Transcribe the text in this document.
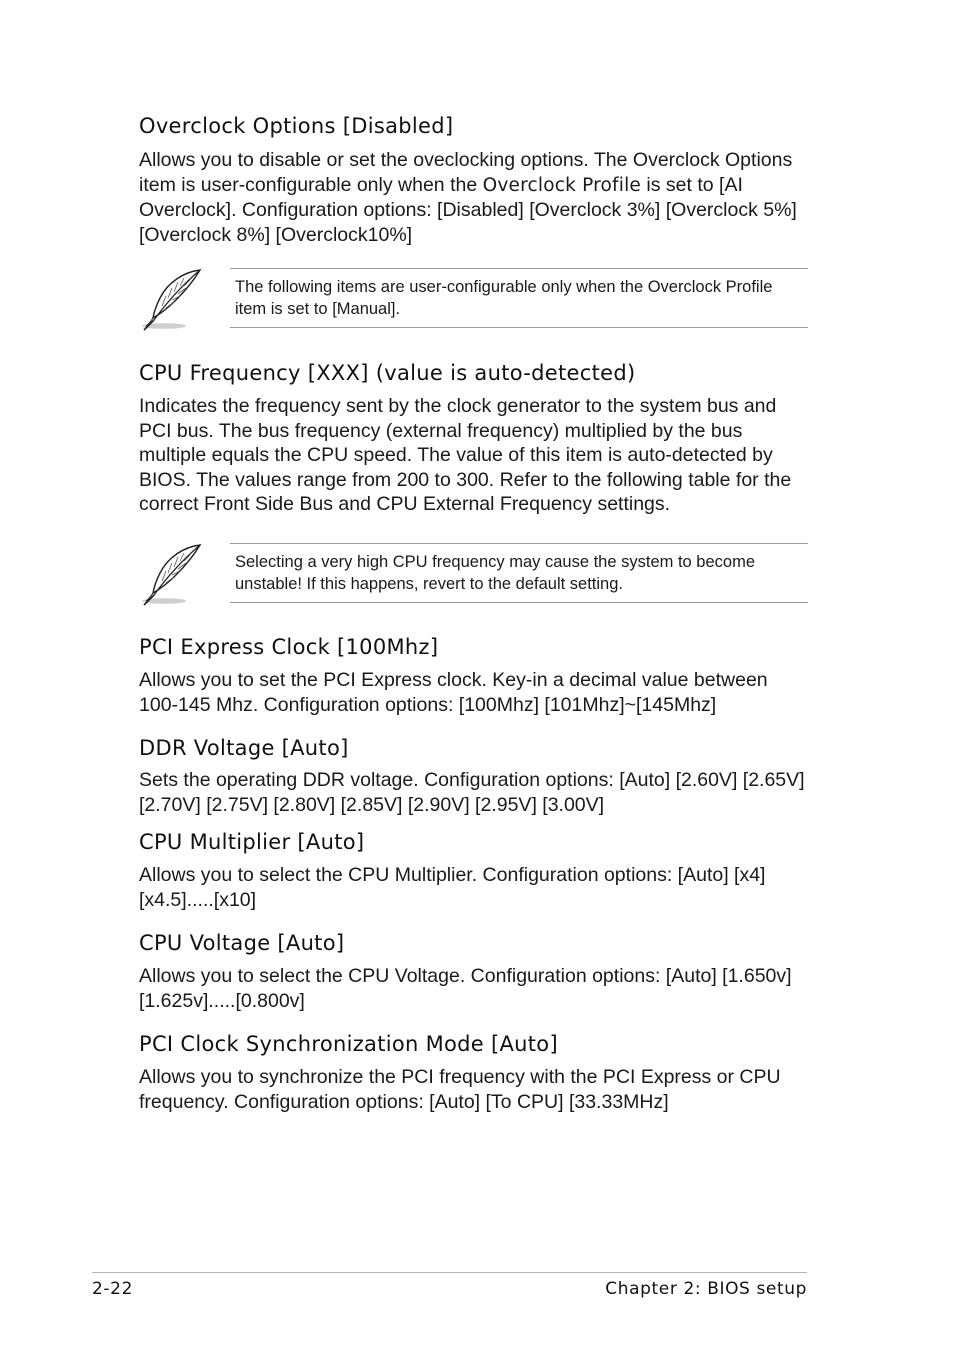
Overclock Options [Disabled]

Allows you to disable or set the oveclocking options. The Overclock Options item is user-configurable only when the Overclock Profile is set to [AI Overclock]. Configuration options: [Disabled] [Overclock 3%] [Overclock 5%] [Overclock 8%] [Overclock10%]

The following items are user-configurable only when the Overclock Profile item is set to [Manual].

CPU Frequency [XXX] (value is auto-detected)

Indicates the frequency sent by the clock generator to the system bus and PCI bus. The bus frequency (external frequency) multiplied by the bus multiple equals the CPU speed. The value of this item is auto-detected by BIOS. The values range from 200 to 300. Refer to the following table for the correct Front Side Bus and CPU External Frequency settings.

Selecting a very high CPU frequency may cause the system to become unstable! If this happens, revert to the default setting.

PCI Express Clock [100Mhz]

Allows you to set the PCI Express clock. Key-in a decimal value between 100-145 Mhz. Configuration options: [100Mhz] [101Mhz]~[145Mhz]

DDR Voltage [Auto]

Sets the operating DDR voltage. Configuration options: [Auto] [2.60V] [2.65V] [2.70V] [2.75V] [2.80V] [2.85V] [2.90V] [2.95V] [3.00V]

CPU Multiplier [Auto]

Allows you to select the CPU Multiplier. Configuration options: [Auto] [x4] [x4.5].....[x10]

CPU Voltage [Auto]

Allows you to select the CPU Voltage. Configuration options: [Auto] [1.650v] [1.625v].....[0.800v]

PCI Clock Synchronization Mode [Auto]

Allows you to synchronize the PCI frequency with the PCI Express or CPU frequency. Configuration options: [Auto] [To CPU] [33.33MHz]

2-22	Chapter 2: BIOS setup
